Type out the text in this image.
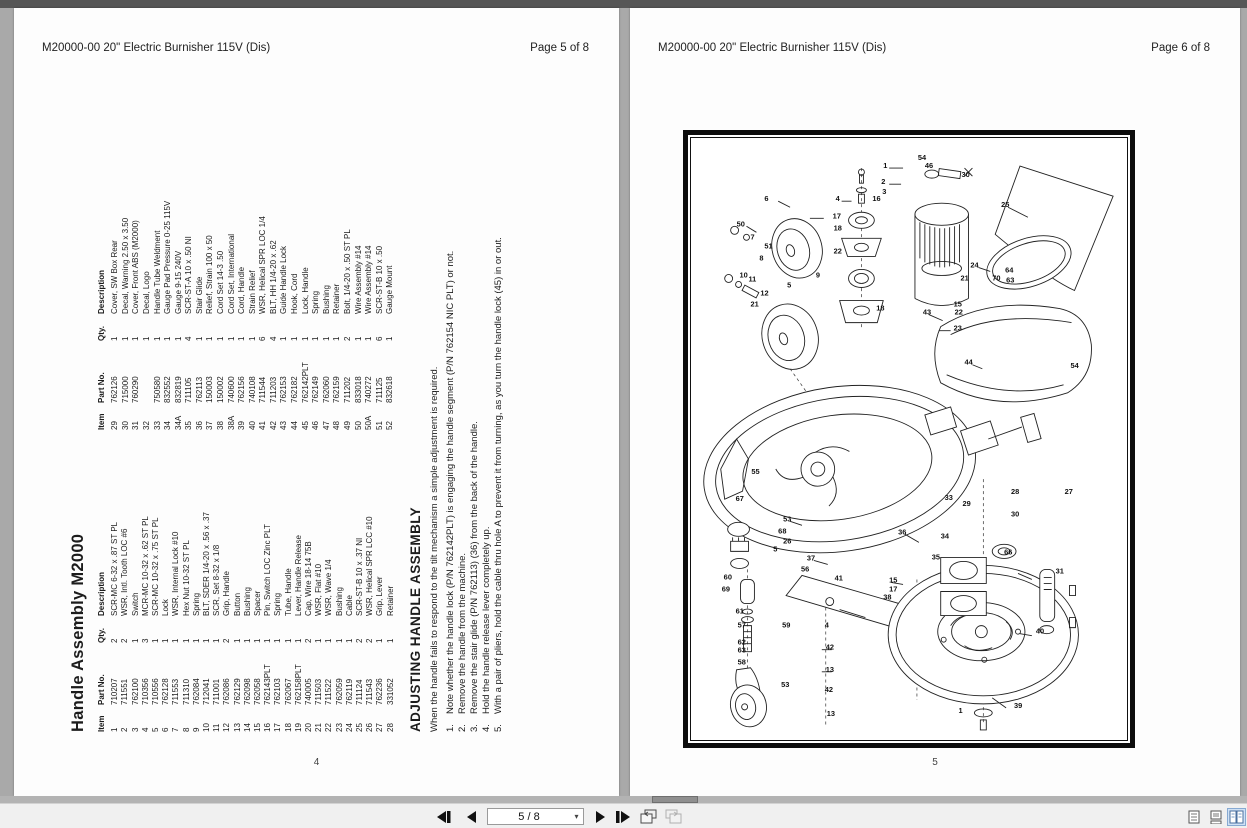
M20000-00 20" Electric Burnisher 115V (Dis)	Page 5 of 8
Handle Assembly M2000 Item	Part No.	Qty.	Description
1	710207	2	SCR-MC 6-32 x .87 ST PL
2	711551	2	WSR, Intl. Tooth LOC #6
3	762100	1	Switch
4	710356	3	MCR-MC 10-32 x .62 ST PL
5	710556	1	SCR-MC 10-32 x .75 ST PL
6	762128	1	Lock
7	711553	1	WSR, Internal Lock #10
8	711310	1	Hex Nut 10-32 ST PL
9	762084	1	Spring
10	712041	1	BLT, SDER 1/4-20 x .56 x .37
11	711001	1	SCR, Set 8-32 x 1/8
12	762086	2	Grip, Handle
13	762129	1	Button
14	762098	1	Bushing
15	762058	1	Spacer
16	762143PLT	1	Pin, Switch LOC Zinc PLT
17	762103	1	Spring
18	762067	1	Tube, Handle
19	762158PLT	1	Lever, Handle Release
20	740005	2	Cap, Wire 18-14 75B
21	711503	1	WSR, Flat #10
22	711522	1	WSR, Wave 1/4
23	762059	1	Bushing
24	762119	1	Cable
25	711124	2	SCR-ST-B 10 x .37 NI
26	711543	2	WSR, Helical SPR LCC #10
27	762236	1	Grip, Lever
28	331052	1	Retainer
Item	Part No.	Qty.	Description
29	762126	1	Cover, SW Box Rear
30	715000	1	Decal, Warning 2.50 x 3.50
31	760290	1	Cover, Front ABS (M2000)
32		1	Decal, Logo
33	750580	1	Handle Tube Weldment
34	832552	1	Gauge Pad Pressure 0-25 115V
34A	832819	1	Gauge 9-15 240V
35	711105	4	SCR-ST-A 10 x .50 NI
36	762113	1	Stair Glide
37	150003	1	Relief, Strain 100 x 50
38	150002	1	Cord Set 14-3 .50
38A	740600	1	Cord Set, International
39	762156	1	Cord, Handle
40	740108	1	Strain Relief
41	711544	6	WSR, Helical SPR LOC 1/4
42	711203	4	BLT, HH 1/4-20 x .62
43	762153	1	Guide Handle Lock
44	762182	1	Hook, Cord
45	762142PLT	1	Lock, Handle
46	762149	1	Spring
47	762060	1	Bushing
48	762159	1	Retainer
49	711202	2	Bolt, 1/4-20 x .50 ST PL
50	833018	1	Wire Assembly #14
50A	740272	1	Wire Assembly #14
51	711125	6	SCR-ST-B 10 x .50
52	832618	1	Gauge Mount
ADJUSTING HANDLE ASSEMBLY When the handle fails to respond to the tilt mechanism a simple adjustment is required. 1.
Note whether the handle lock (P/N 762142PLT) is engaging the handle segment (P/N 762154 NIC PLT) or not.
2.
Remove the handle from the machine.
3.
Remove the stair glide (P/N 762113) (36) from the back of the handle.
4.
Hold the handle release lever completely up.
5.
With a pair of pliers, hold the cable thru hole A to prevent it from turning, as you turn the handle lock (45) in or out.
4
M20000-00 20" Electric Burnisher 115V (Dis)	Page 6 of 8
1
2
3
4	16
6
17
50
7
18
51
8
22
9
10 11
12
21
5
18
54
46
30
25
24
64
70 63
21
43
15
22
23
44	54
27
28
29
30
33
34
35
66
31
40
39
1
55
67
53
68
26
5
37
56
60
69
61
57	59
62
63
58
53
36
41	15
17
38
4
42
13
42
13
5
5 / 8	▾
